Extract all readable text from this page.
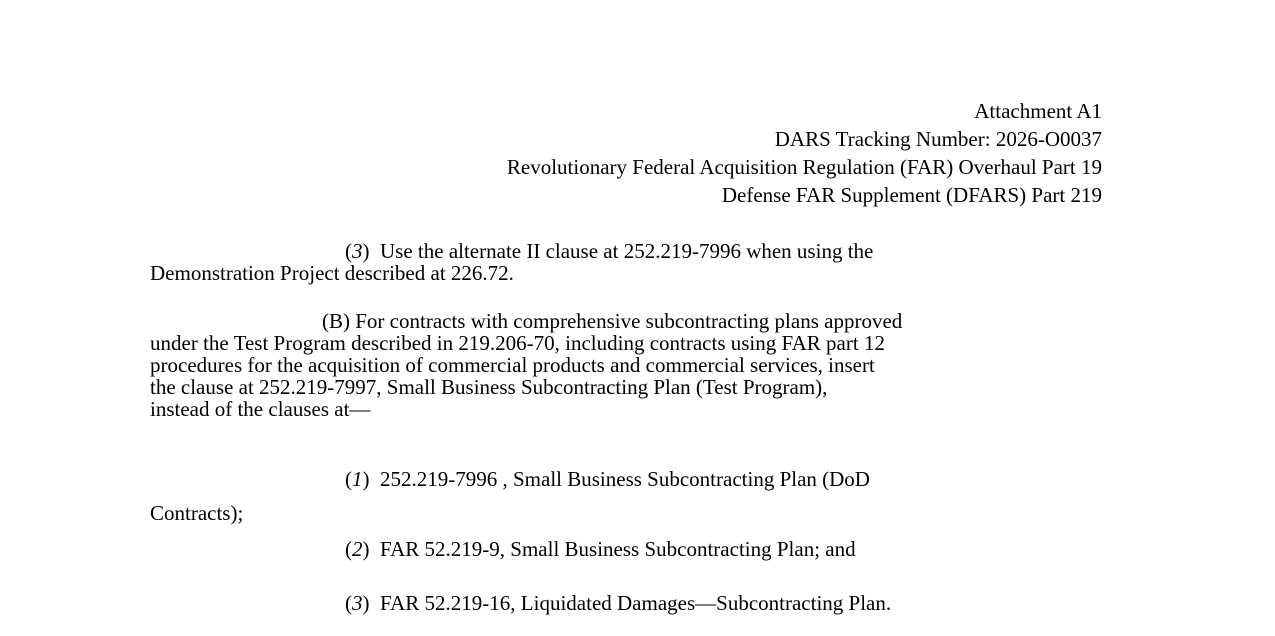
Attachment A1
DARS Tracking Number: 2026-O0037
Revolutionary Federal Acquisition Regulation (FAR) Overhaul Part 19
Defense FAR Supplement (DFARS) Part 219
(3)  Use the alternate II clause at 252.219-7996 when using the
Demonstration Project described at 226.72.
(B) For contracts with comprehensive subcontracting plans approved
under the Test Program described in 219.206-70, including contracts using FAR part 12
procedures for the acquisition of commercial products and commercial services, insert
the clause at 252.219-7997, Small Business Subcontracting Plan (Test Program),
instead of the clauses at—
(1)  252.219-7996 , Small Business Subcontracting Plan (DoD
Contracts);
(2)  FAR 52.219-9, Small Business Subcontracting Plan; and
(3)  FAR 52.219-16, Liquidated Damages—Subcontracting Plan.
